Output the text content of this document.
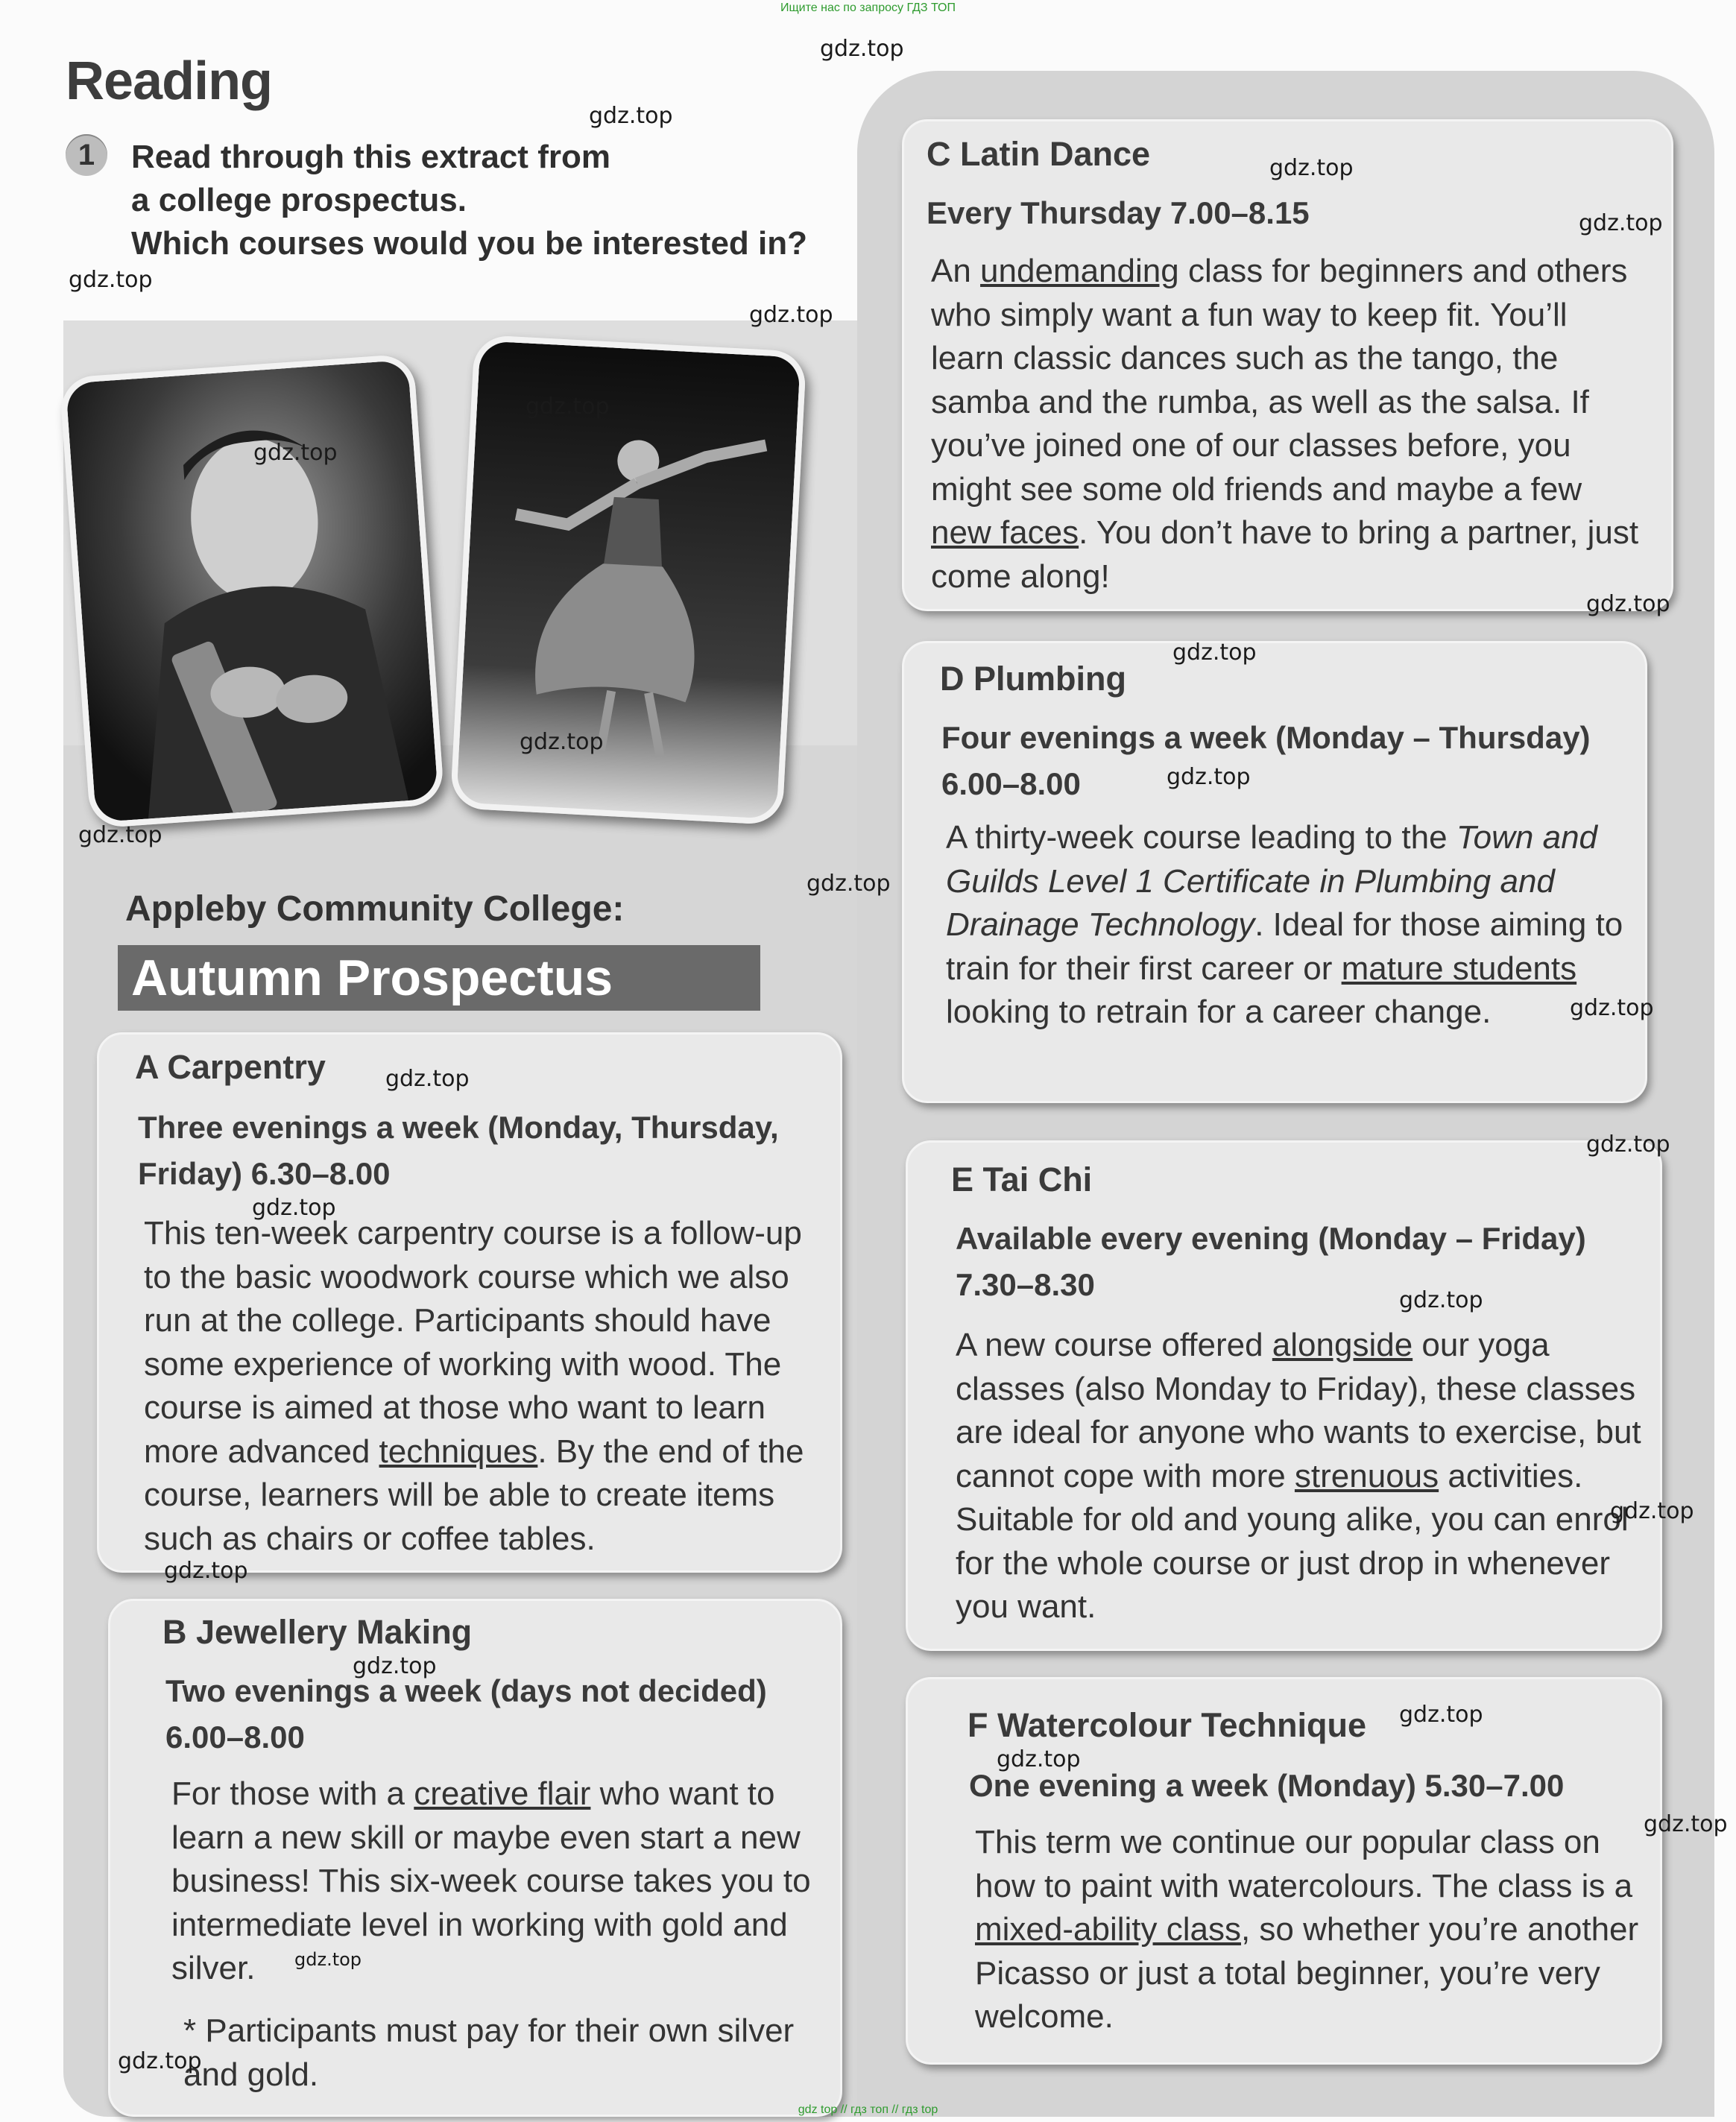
Ищите нас по запросу ГДЗ ТОП
Reading
1	Read through this extract from
a college prospectus.
Which courses would you be interested in?
Appleby Community College:
Autumn Prospectus
A Carpentry
Three evenings a week (Monday, Thursday,
Friday) 6.30–8.00
This ten-week carpentry course is a follow-up to the basic woodwork course which we also run at the college. Participants should have some experience of working with wood. The course is aimed at those who want to learn more advanced techniques. By the end of the course, learners will be able to create items such as chairs or coffee tables.
B Jewellery Making
Two evenings a week (days not decided)
6.00–8.00
For those with a creative flair who want to learn a new skill or maybe even start a new business! This six-week course takes you to intermediate level in working with gold and silver.
* Participants must pay for their own silver and gold.
C Latin Dance
Every Thursday 7.00–8.15
An undemanding class for beginners and others who simply want a fun way to keep fit. You’ll learn classic dances such as the tango, the samba and the rumba, as well as the salsa. If you’ve joined one of our classes before, you might see some old friends and maybe a few new faces. You don’t have to bring a partner, just come along!
D Plumbing
Four evenings a week (Monday – Thursday)
6.00–8.00
A thirty-week course leading to the Town and Guilds Level 1 Certificate in Plumbing and Drainage Technology. Ideal for those aiming to train for their first career or mature students looking to retrain for a career change.
E Tai Chi
Available every evening (Monday – Friday)
7.30–8.30
A new course offered alongside our yoga classes (also Monday to Friday), these classes are ideal for anyone who wants to exercise, but cannot cope with more strenuous activities. Suitable for old and young alike, you can enrol for the whole course or just drop in whenever you want.
F Watercolour Technique
One evening a week (Monday) 5.30–7.00
This term we continue our popular class on how to paint with watercolours. The class is a mixed-ability class, so whether you’re another Picasso or just a total beginner, you’re very welcome.
gdz.top
gdz.top
gdz.top
gdz.top
gdz.top
gdz.top
gdz.top
gdz.top
gdz.top
gdz.top
gdz.top
gdz.top
gdz.top
gdz.top
gdz.top
gdz.top
gdz.top
gdz.top
gdz.top
gdz.top
gdz.top
gdz.top
gdz.top
gdz.top
gdz.top
gdz.top
gdz.top
gdz top // гдз топ // гдз top
